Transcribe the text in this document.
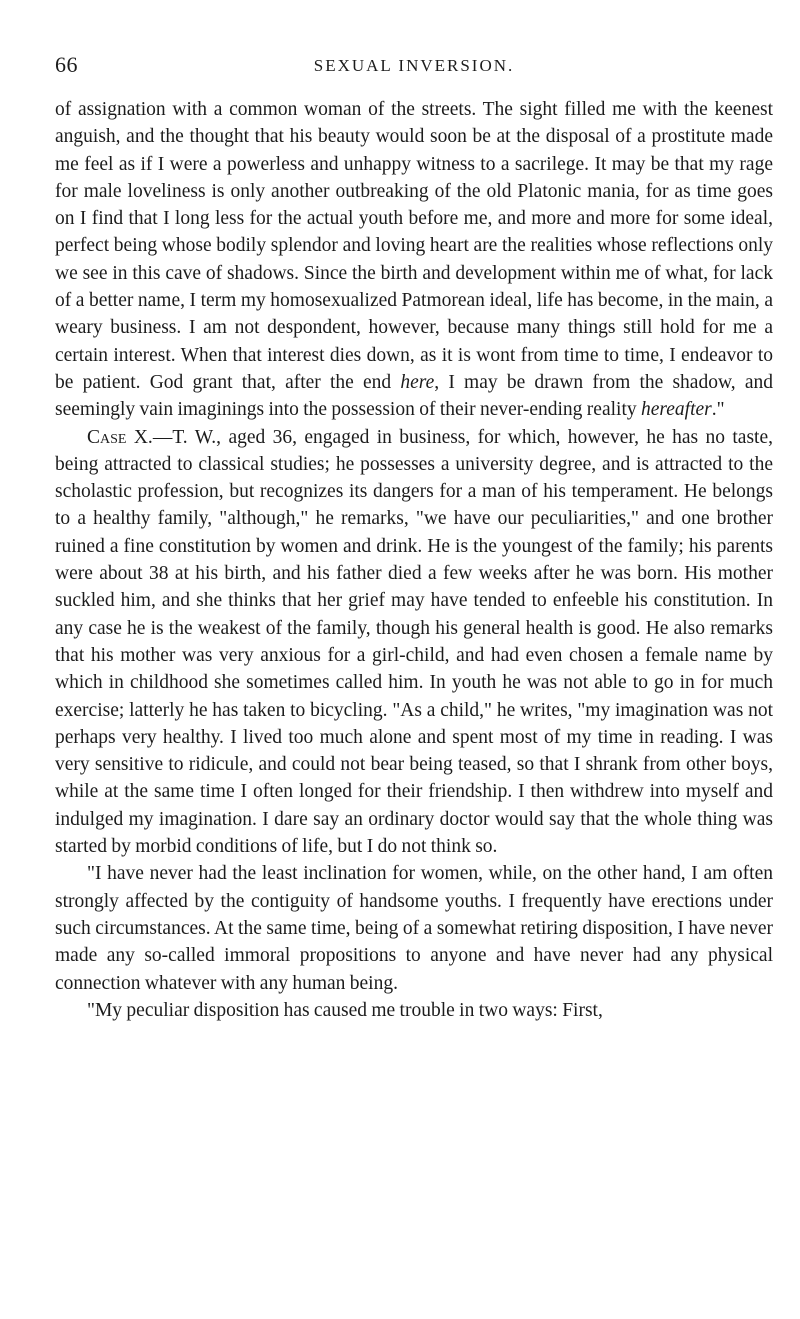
66	SEXUAL INVERSION.

of assignation with a common woman of the streets. The sight filled me with the keenest anguish, and the thought that his beauty would soon be at the disposal of a prostitute made me feel as if I were a powerless and unhappy witness to a sacrilege. It may be that my rage for male loveliness is only another outbreaking of the old Platonic mania, for as time goes on I find that I long less for the actual youth before me, and more and more for some ideal, perfect being whose bodily splendor and loving heart are the realities whose reflections only we see in this cave of shadows. Since the birth and development within me of what, for lack of a better name, I term my homosexualized Patmorean ideal, life has become, in the main, a weary business. I am not despondent, however, because many things still hold for me a certain interest. When that interest dies down, as it is wont from time to time, I endeavor to be patient. God grant that, after the end here, I may be drawn from the shadow, and seemingly vain imaginings into the possession of their never-ending reality hereafter."

Case X.—T. W., aged 36, engaged in business, for which, however, he has no taste, being attracted to classical studies; he possesses a university degree, and is attracted to the scholastic profession, but recognizes its dangers for a man of his temperament. He belongs to a healthy family, "although," he remarks, "we have our peculiarities," and one brother ruined a fine constitution by women and drink. He is the youngest of the family; his parents were about 38 at his birth, and his father died a few weeks after he was born. His mother suckled him, and she thinks that her grief may have tended to enfeeble his constitution. In any case he is the weakest of the family, though his general health is good. He also remarks that his mother was very anxious for a girl-child, and had even chosen a female name by which in childhood she sometimes called him. In youth he was not able to go in for much exercise; latterly he has taken to bicycling. "As a child," he writes, "my imagination was not perhaps very healthy. I lived too much alone and spent most of my time in reading. I was very sensitive to ridicule, and could not bear being teased, so that I shrank from other boys, while at the same time I often longed for their friendship. I then withdrew into myself and indulged my imagination. I dare say an ordinary doctor would say that the whole thing was started by morbid conditions of life, but I do not think so.

"I have never had the least inclination for women, while, on the other hand, I am often strongly affected by the contiguity of handsome youths. I frequently have erections under such circumstances. At the same time, being of a somewhat retiring disposition, I have never made any so-called immoral propositions to anyone and have never had any physical connection whatever with any human being.

"My peculiar disposition has caused me trouble in two ways: First,
